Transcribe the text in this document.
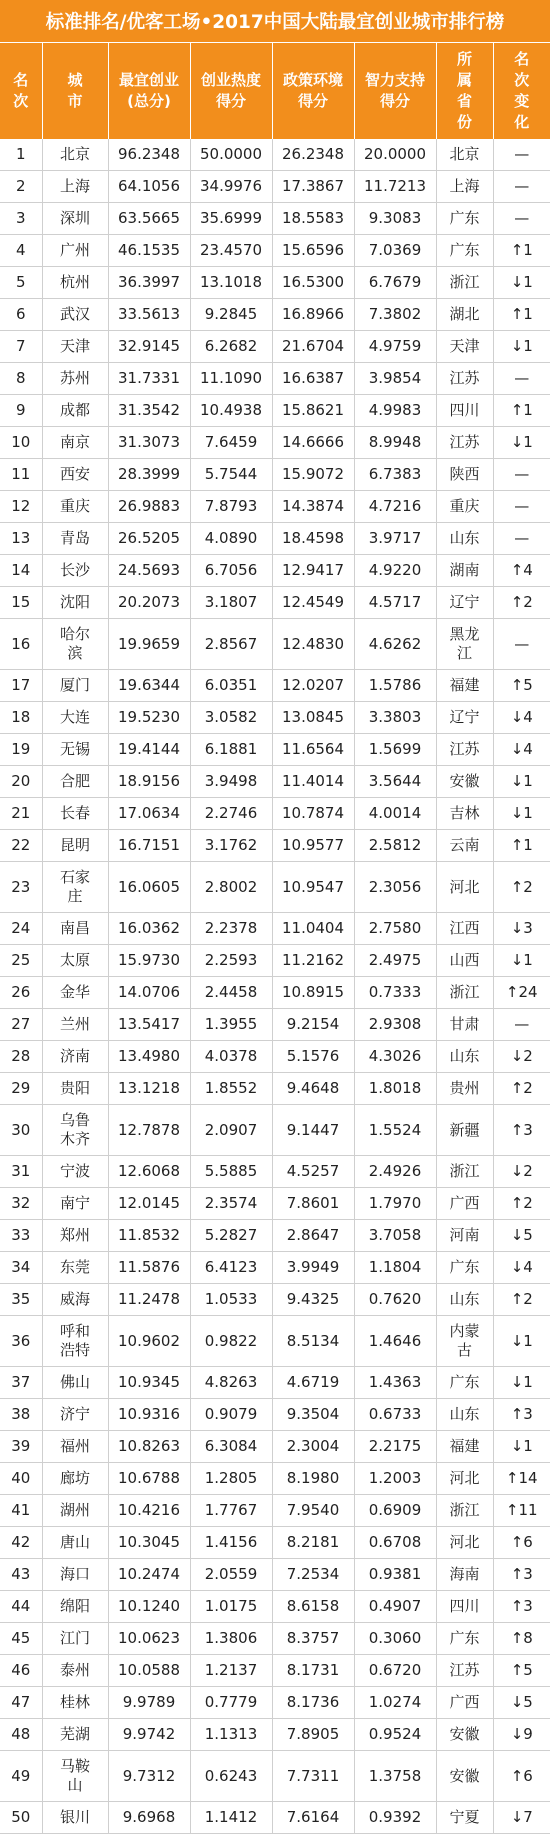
标准排名/优客工场•2017中国大陆最宜创业城市排行榜
名次	城市	最宜创业(总分)	创业热度得分	政策环境得分	智力支持得分	所属省份	名次变化
1	北京	96.2348	50.0000	26.2348	20.0000	北京	—
2	上海	64.1056	34.9976	17.3867	11.7213	上海	—
3	深圳	63.5665	35.6999	18.5583	9.3083	广东	—
4	广州	46.1535	23.4570	15.6596	7.0369	广东	↑1
5	杭州	36.3997	13.1018	16.5300	6.7679	浙江	↓1
6	武汉	33.5613	9.2845	16.8966	7.3802	湖北	↑1
7	天津	32.9145	6.2682	21.6704	4.9759	天津	↓1
8	苏州	31.7331	11.1090	16.6387	3.9854	江苏	—
9	成都	31.3542	10.4938	15.8621	4.9983	四川	↑1
10	南京	31.3073	7.6459	14.6666	8.9948	江苏	↓1
11	西安	28.3999	5.7544	15.9072	6.7383	陕西	—
12	重庆	26.9883	7.8793	14.3874	4.7216	重庆	—
13	青岛	26.5205	4.0890	18.4598	3.9717	山东	—
14	长沙	24.5693	6.7056	12.9417	4.9220	湖南	↑4
15	沈阳	20.2073	3.1807	12.4549	4.5717	辽宁	↑2
16	哈尔滨	19.9659	2.8567	12.4830	4.6262	黑龙江	—
17	厦门	19.6344	6.0351	12.0207	1.5786	福建	↑5
18	大连	19.5230	3.0582	13.0845	3.3803	辽宁	↓4
19	无锡	19.4144	6.1881	11.6564	1.5699	江苏	↓4
20	合肥	18.9156	3.9498	11.4014	3.5644	安徽	↓1
21	长春	17.0634	2.2746	10.7874	4.0014	吉林	↓1
22	昆明	16.7151	3.1762	10.9577	2.5812	云南	↑1
23	石家庄	16.0605	2.8002	10.9547	2.3056	河北	↑2
24	南昌	16.0362	2.2378	11.0404	2.7580	江西	↓3
25	太原	15.9730	2.2593	11.2162	2.4975	山西	↓1
26	金华	14.0706	2.4458	10.8915	0.7333	浙江	↑24
27	兰州	13.5417	1.3955	9.2154	2.9308	甘肃	—
28	济南	13.4980	4.0378	5.1576	4.3026	山东	↓2
29	贵阳	13.1218	1.8552	9.4648	1.8018	贵州	↑2
30	乌鲁木齐	12.7878	2.0907	9.1447	1.5524	新疆	↑3
31	宁波	12.6068	5.5885	4.5257	2.4926	浙江	↓2
32	南宁	12.0145	2.3574	7.8601	1.7970	广西	↑2
33	郑州	11.8532	5.2827	2.8647	3.7058	河南	↓5
34	东莞	11.5876	6.4123	3.9949	1.1804	广东	↓4
35	威海	11.2478	1.0533	9.4325	0.7620	山东	↑2
36	呼和浩特	10.9602	0.9822	8.5134	1.4646	内蒙古	↓1
37	佛山	10.9345	4.8263	4.6719	1.4363	广东	↓1
38	济宁	10.9316	0.9079	9.3504	0.6733	山东	↑3
39	福州	10.8263	6.3084	2.3004	2.2175	福建	↓1
40	廊坊	10.6788	1.2805	8.1980	1.2003	河北	↑14
41	湖州	10.4216	1.7767	7.9540	0.6909	浙江	↑11
42	唐山	10.3045	1.4156	8.2181	0.6708	河北	↑6
43	海口	10.2474	2.0559	7.2534	0.9381	海南	↑3
44	绵阳	10.1240	1.0175	8.6158	0.4907	四川	↑3
45	江门	10.0623	1.3806	8.3757	0.3060	广东	↑8
46	泰州	10.0588	1.2137	8.1731	0.6720	江苏	↑5
47	桂林	9.9789	0.7779	8.1736	1.0274	广西	↓5
48	芜湖	9.9742	1.1313	7.8905	0.9524	安徽	↓9
49	马鞍山	9.7312	0.6243	7.7311	1.3758	安徽	↑6
50	银川	9.6968	1.1412	7.6164	0.9392	宁夏	↓7
